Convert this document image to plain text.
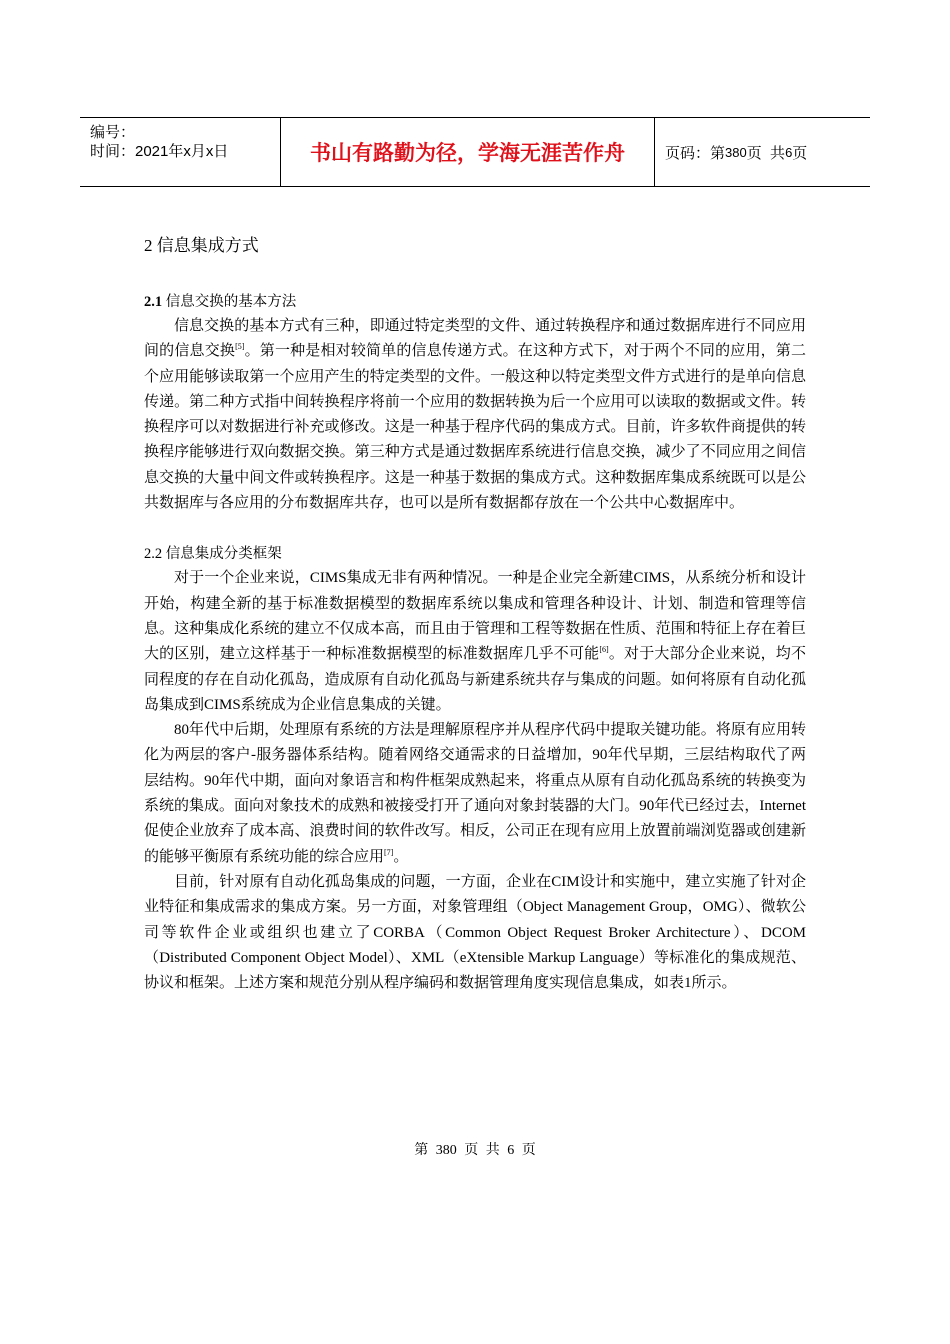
编号：
时间：2021年x月x日	书山有路勤为径，学海无涯苦作舟	页码：第 380 页  共 6 页
2 信息集成方式
2.1 信息交换的基本方法

信息交换的基本方式有三种，即通过特定类型的文件、通过转换程序和通过数据库进行不同应用间的信息交换[5]。第一种是相对较简单的信息传递方式。在这种方式下，对于两个不同的应用，第二个应用能够读取第一个应用产生的特定类型的文件。一般这种以特定类型文件方式进行的是单向信息传递。第二种方式指中间转换程序将前一个应用的数据转换为后一个应用可以读取的数据或文件。转换程序可以对数据进行补充或修改。这是一种基于程序代码的集成方式。目前，许多软件商提供的转换程序能够进行双向数据交换。第三种方式是通过数据库系统进行信息交换，减少了不同应用之间信息交换的大量中间文件或转换程序。这是一种基于数据的集成方式。这种数据库集成系统既可以是公共数据库与各应用的分布数据库共存，也可以是所有数据都存放在一个公共中心数据库中。

2.2 信息集成分类框架

对于一个企业来说，CIMS集成无非有两种情况。一种是企业完全新建CIMS，从系统分析和设计开始，构建全新的基于标准数据模型的数据库系统以集成和管理各种设计、计划、制造和管理等信息。这种集成化系统的建立不仅成本高，而且由于管理和工程等数据在性质、范围和特征上存在着巨大的区别，建立这样基于一种标准数据模型的标准数据库几乎不可能[6]。对于大部分企业来说，均不同程度的存在自动化孤岛，造成原有自动化孤岛与新建系统共存与集成的问题。如何将原有自动化孤岛集成到CIMS系统成为企业信息集成的关键。

80年代中后期，处理原有系统的方法是理解原程序并从程序代码中提取关键功能。将原有应用转化为两层的客户-服务器体系结构。随着网络交通需求的日益增加，90年代早期，三层结构取代了两层结构。90年代中期，面向对象语言和构件框架成熟起来，将重点从原有自动化孤岛系统的转换变为系统的集成。面向对象技术的成熟和被接受打开了通向对象封装器的大门。90年代已经过去，Internet促使企业放弃了成本高、浪费时间的软件改写。相反，公司正在现有应用上放置前端浏览器或创建新的能够平衡原有系统功能的综合应用[7]。

目前，针对原有自动化孤岛集成的问题，一方面，企业在CIM设计和实施中，建立实施了针对企业特征和集成需求的集成方案。另一方面，对象管理组（Object Management Group，OMG）、微软公司等软件企业或组织也建立了CORBA（Common Object Request Broker Architecture）、DCOM（Distributed Component Object Model）、XML（eXtensible Markup Language）等标准化的集成规范、协议和框架。上述方案和规范分别从程序编码和数据管理角度实现信息集成，如表1所示。

第 380 页 共 6 页
